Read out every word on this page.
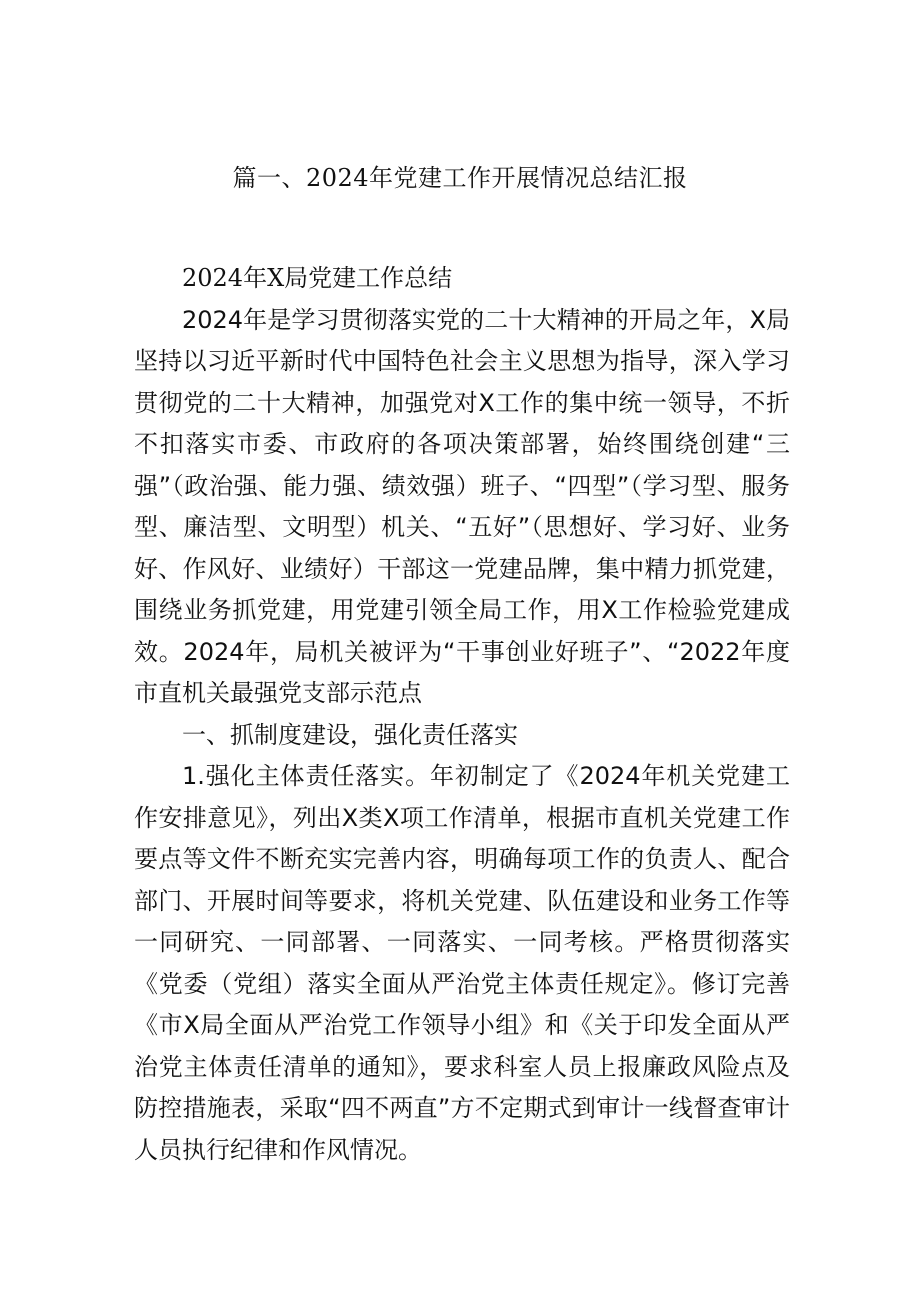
篇一、2024年党建工作开展情况总结汇报

2024年X局党建工作总结

2024年是学习贯彻落实党的二十大精神的开局之年，X局坚持以习近平新时代中国特色社会主义思想为指导，深入学习贯彻党的二十大精神，加强党对X工作的集中统一领导，不折不扣落实市委、市政府的各项决策部署，始终围绕创建“三强”（政治强、能力强、绩效强）班子、“四型”（学习型、服务型、廉洁型、文明型）机关、“五好”（思想好、学习好、业务好、作风好、业绩好）干部这一党建品牌，集中精力抓党建，围绕业务抓党建，用党建引领全局工作，用X工作检验党建成效。2024年，局机关被评为“干事创业好班子”、“2022年度市直机关最强党支部示范点

一、抓制度建设，强化责任落实

1.强化主体责任落实。年初制定了《2024年机关党建工作安排意见》，列出X类X项工作清单，根据市直机关党建工作要点等文件不断充实完善内容，明确每项工作的负责人、配合部门、开展时间等要求，将机关党建、队伍建设和业务工作等一同研究、一同部署、一同落实、一同考核。严格贯彻落实《党委（党组）落实全面从严治党主体责任规定》。修订完善《市X局全面从严治党工作领导小组》和《关于印发全面从严治党主体责任清单的通知》，要求科室人员上报廉政风险点及防控措施表，采取“四不两直”方不定期式到审计一线督查审计人员执行纪律和作风情况。
